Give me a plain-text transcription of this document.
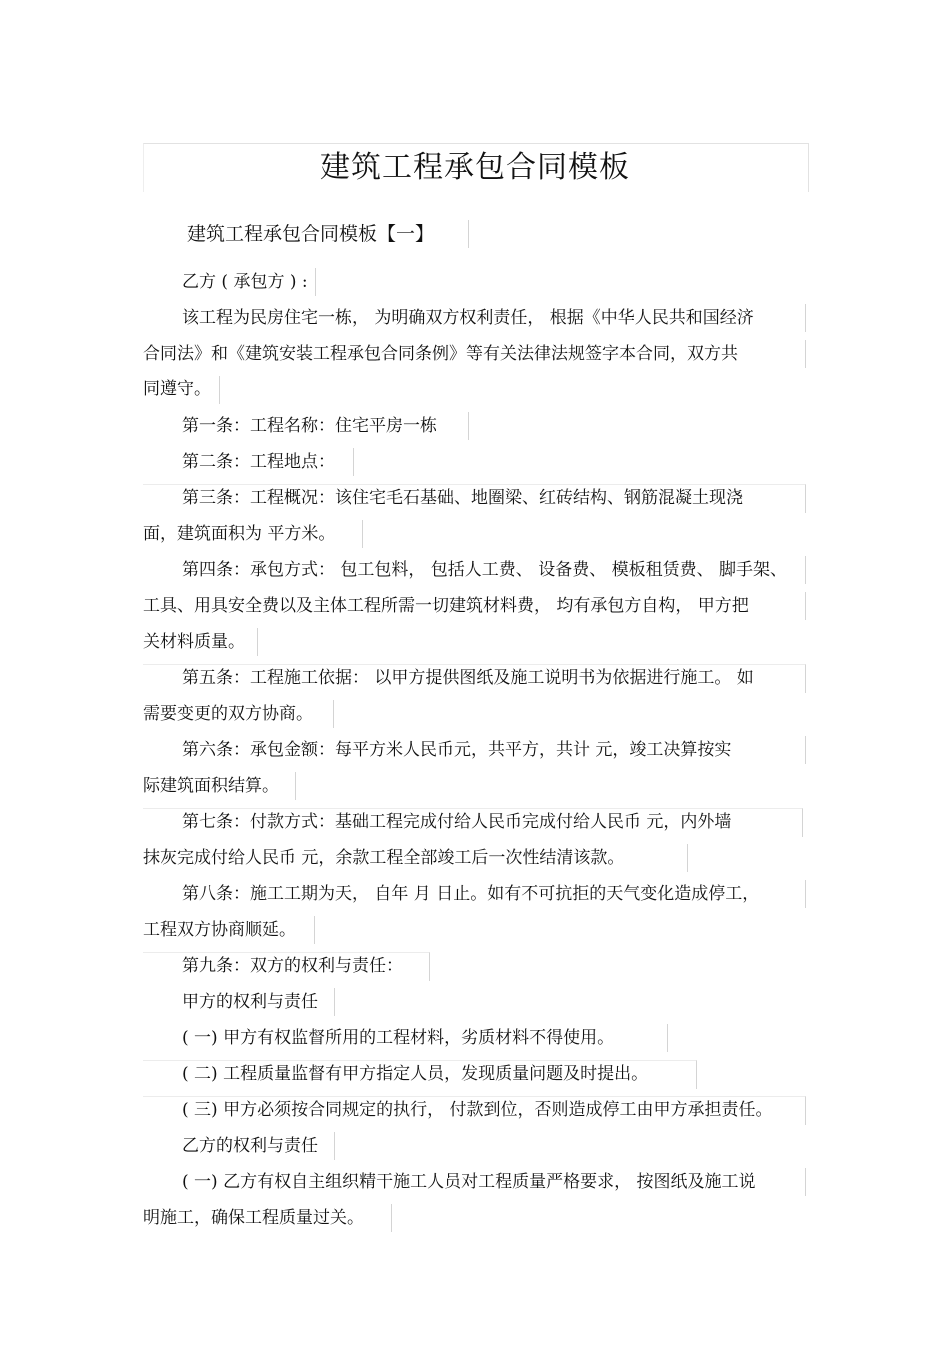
建筑工程承包合同模板
建筑工程承包合同模板【一】
乙方 ( 承包方 ) :
该工程为民房住宅一栋， 为明确双方权利责任， 根据《中华人民共和国经济
合同法》和《建筑安装工程承包合同条例》等有关法律法规签字本合同，双方共
同遵守。
第一条：工程名称：住宅平房一栋
第二条：工程地点：
第三条：工程概况：该住宅毛石基础、地圈梁、红砖结构、钢筋混凝土现浇
面，建筑面积为 平方米。
第四条：承包方式： 包工包料， 包括人工费、 设备费、 模板租赁费、 脚手架、
工具、用具安全费以及主体工程所需一切建筑材料费， 均有承包方自构， 甲方把
关材料质量。
第五条：工程施工依据： 以甲方提供图纸及施工说明书为依据进行施工。 如
需要变更的双方协商。
第六条：承包金额：每平方米人民币元，共平方，共计 元，竣工决算按实
际建筑面积结算。
第七条：付款方式：基础工程完成付给人民币完成付给人民币 元，内外墙
抹灰完成付给人民币 元，余款工程全部竣工后一次性结清该款。
第八条：施工工期为天， 自年 月 日止。如有不可抗拒的天气变化造成停工，
工程双方协商顺延。
第九条：双方的权利与责任：
甲方的权利与责任
( 一) 甲方有权监督所用的工程材料，劣质材料不得使用。
( 二) 工程质量监督有甲方指定人员，发现质量问题及时提出。
( 三) 甲方必须按合同规定的执行， 付款到位，否则造成停工由甲方承担责任。
乙方的权利与责任
( 一) 乙方有权自主组织精干施工人员对工程质量严格要求， 按图纸及施工说
明施工，确保工程质量过关。
